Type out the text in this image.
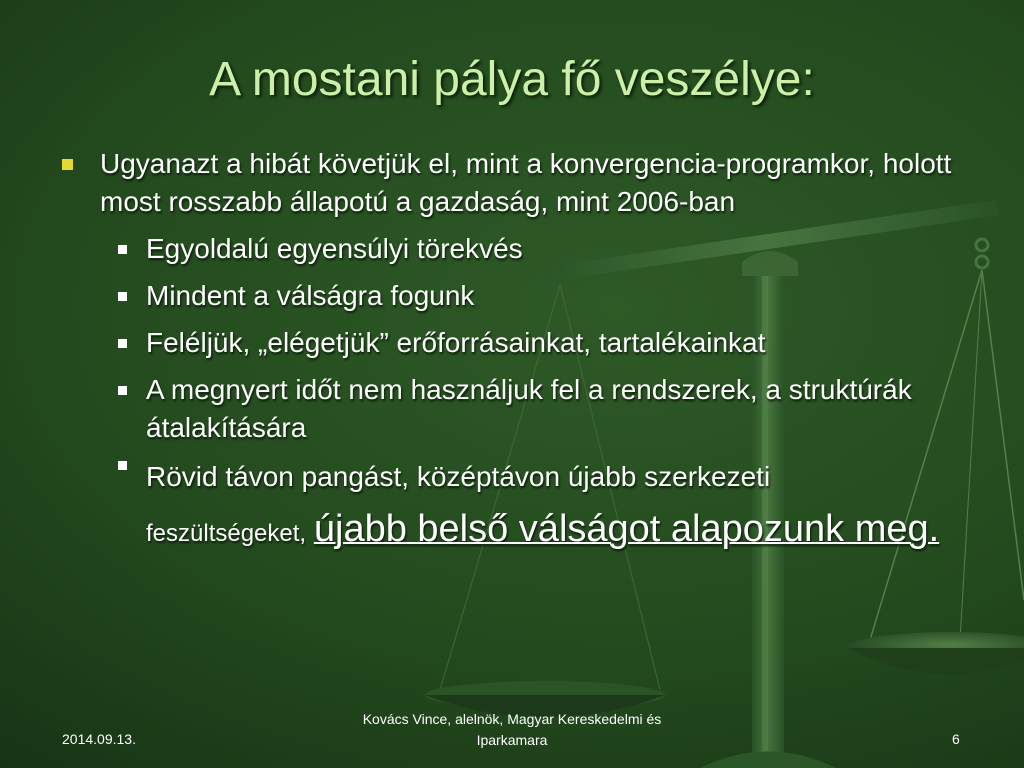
A mostani pálya fő veszélye:
Ugyanazt a hibát követjük el, mint a konvergencia-programkor, holott most rosszabb állapotú a gazdaság, mint 2006-ban
Egyoldalú egyensúlyi törekvés
Mindent a válságra fogunk
Feléljük, „elégetjük” erőforrásainkat, tartalékainkat
A megnyert időt nem használjuk fel a rendszerek, a struktúrák átalakítására
Rövid távon pangást, középtávon újabb szerkezeti
feszültségeket, újabb belső válságot alapozunk meg.
2014.09.13.
Kovács Vince, alelnök, Magyar Kereskedelmi és Iparkamara	6
